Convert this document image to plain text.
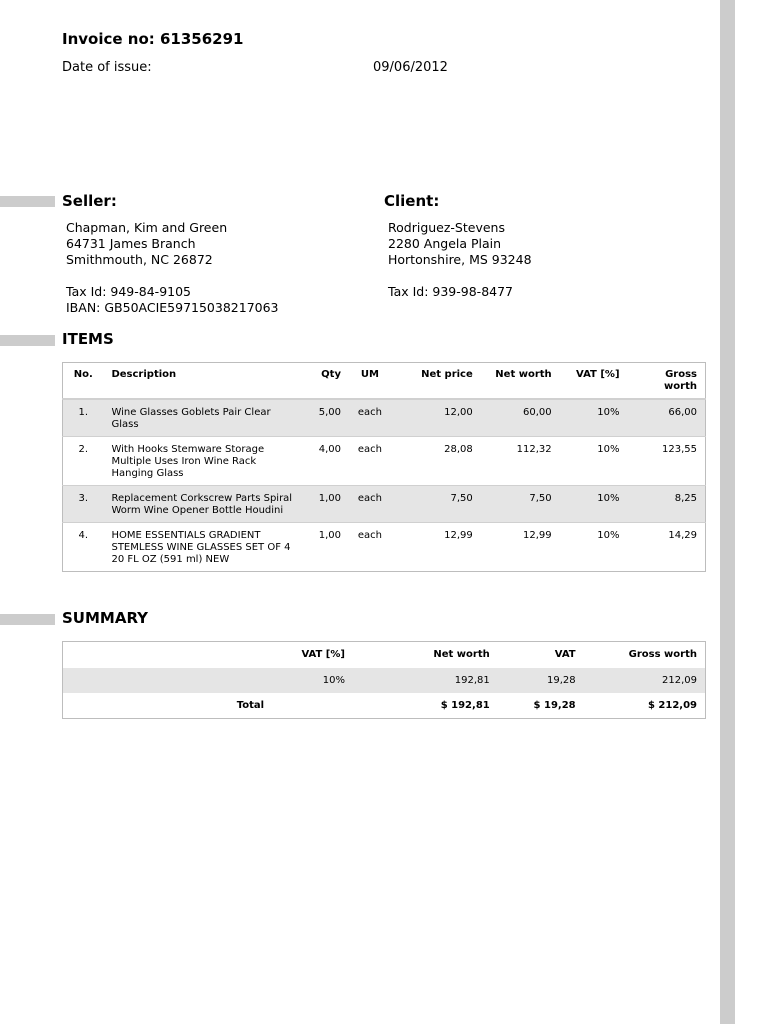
Invoice no: 61356291
Date of issue:	09/06/2012
Seller:
Chapman, Kim and Green
64731 James Branch
Smithmouth, NC 26872
Tax Id: 949-84-9105
IBAN: GB50ACIE59715038217063
Client:
Rodriguez-Stevens
2280 Angela Plain
Hortonshire, MS 93248
Tax Id: 939-98-8477
ITEMS
No.	Description	Qty	UM	Net price	Net worth	VAT [%]	Gross worth
1.	Wine Glasses Goblets Pair Clear Glass	5,00	each	12,00	60,00	10%	66,00
2.	With Hooks Stemware Storage Multiple Uses Iron Wine Rack Hanging Glass	4,00	each	28,08	112,32	10%	123,55
3.	Replacement Corkscrew Parts Spiral Worm Wine Opener Bottle Houdini	1,00	each	7,50	7,50	10%	8,25
4.	HOME ESSENTIALS GRADIENT STEMLESS WINE GLASSES SET OF 4 20 FL OZ (591 ml) NEW	1,00	each	12,99	12,99	10%	14,29
SUMMARY
	VAT [%]	Net worth	VAT	Gross worth
	10%	192,81	19,28	212,09
Total		$ 192,81	$ 19,28	$ 212,09
